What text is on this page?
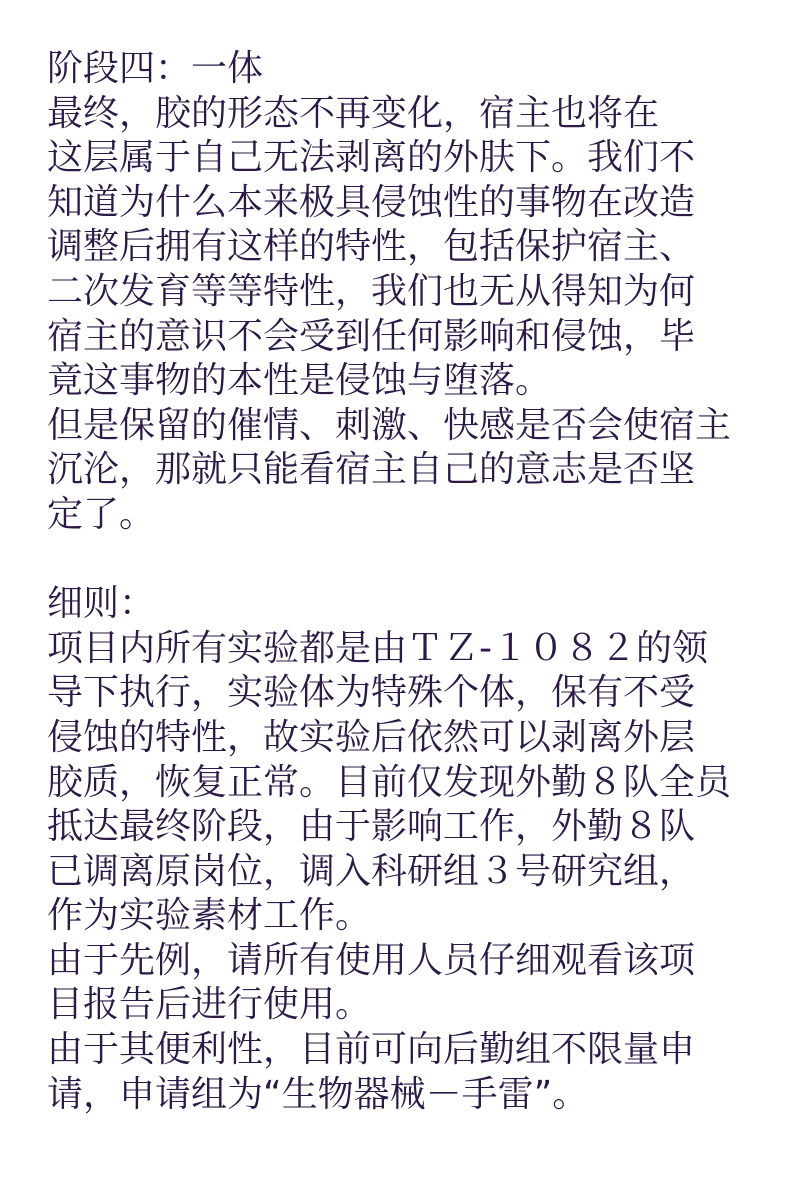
阶段四：一体
最终，胶的形态不再变化，宿主也将在
这层属于自己无法剥离的外肤下。我们不
知道为什么本来极具侵蚀性的事物在改造
调整后拥有这样的特性，包括保护宿主、
二次发育等等特性，我们也无从得知为何
宿主的意识不会受到任何影响和侵蚀，毕
竟这事物的本性是侵蚀与堕落。
但是保留的催情、刺激、快感是否会使宿主
沉沦，那就只能看宿主自己的意志是否坚
定了。
细则：
项目内所有实验都是由ＴＺ-１０８２的领
导下执行，实验体为特殊个体，保有不受
侵蚀的特性，故实验后依然可以剥离外层
胶质，恢复正常。目前仅发现外勤８队全员
抵达最终阶段，由于影响工作，外勤８队
已调离原岗位，调入科研组３号研究组，
作为实验素材工作。
由于先例，请所有使用人员仔细观看该项
目报告后进行使用。
由于其便利性，目前可向后勤组不限量申
请，申请组为“生物器械－手雷”。
